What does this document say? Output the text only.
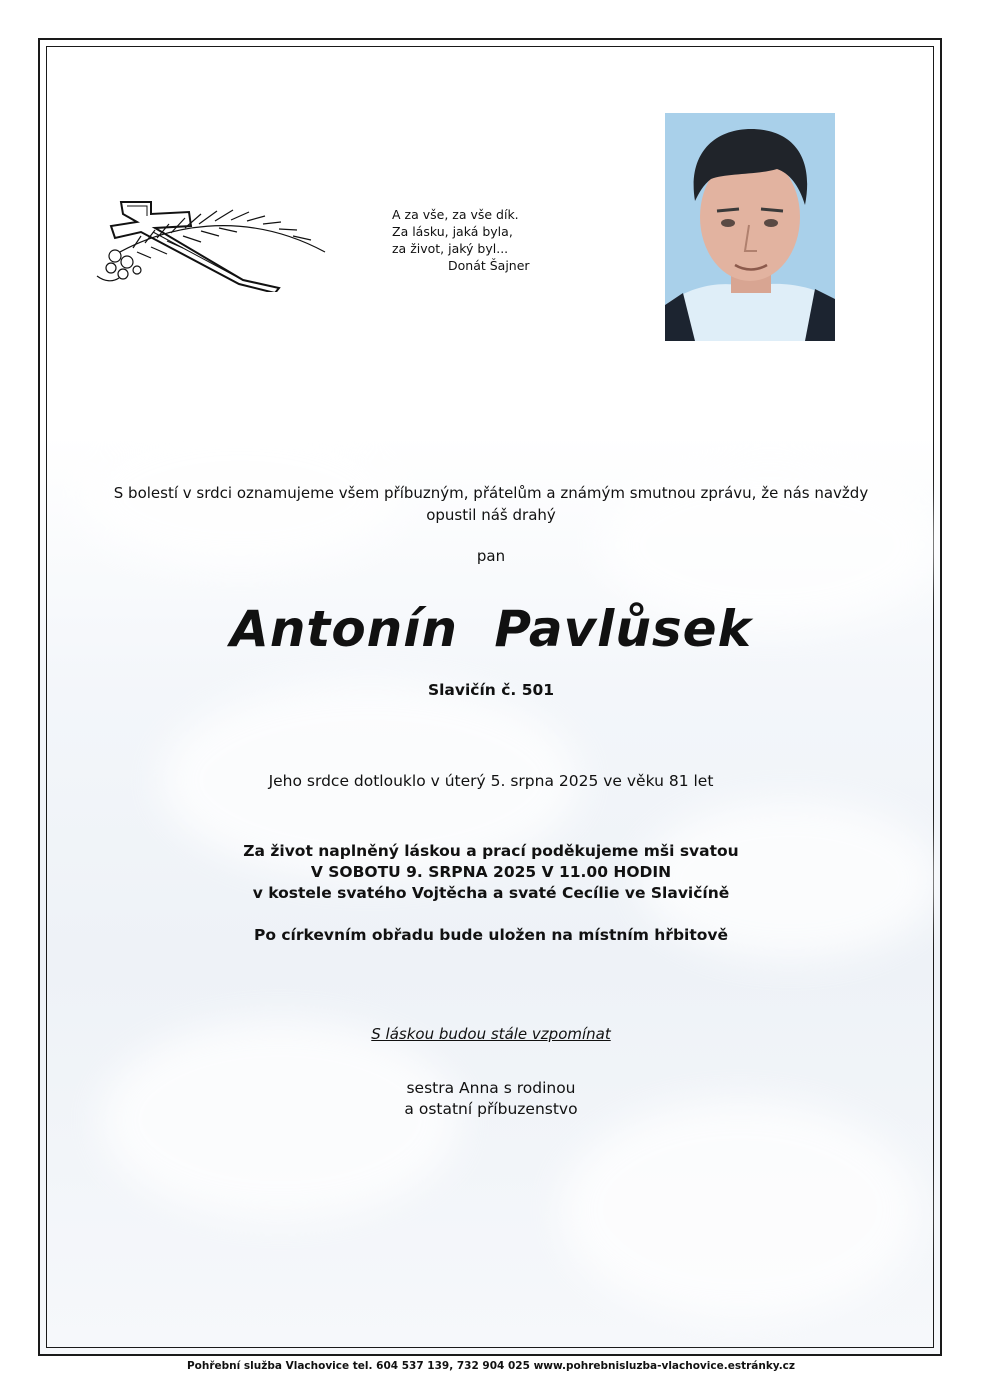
A za vše, za vše dík.
Za lásku, jaká byla,
za život, jaký byl...
Donát Šajner
S bolestí v srdci oznamujeme všem příbuzným, přátelům a známým smutnou zprávu, že nás navždy
opustil náš drahý
pan
Antonín Pavlůsek
Slavičín č. 501
Jeho srdce dotlouklo v úterý 5. srpna 2025 ve věku 81 let
Za život naplněný láskou a prací poděkujeme mši svatou
V SOBOTU 9. SRPNA 2025 V 11.00 HODIN
v kostele svatého Vojtěcha a svaté Cecílie ve Slavičíně
Po církevním obřadu bude uložen na místním hřbitově
S láskou budou stále vzpomínat
sestra Anna s rodinou
a ostatní příbuzenstvo
Pohřební služba Vlachovice tel. 604 537 139, 732 904 025 www.pohrebnisluzba-vlachovice.estránky.cz
